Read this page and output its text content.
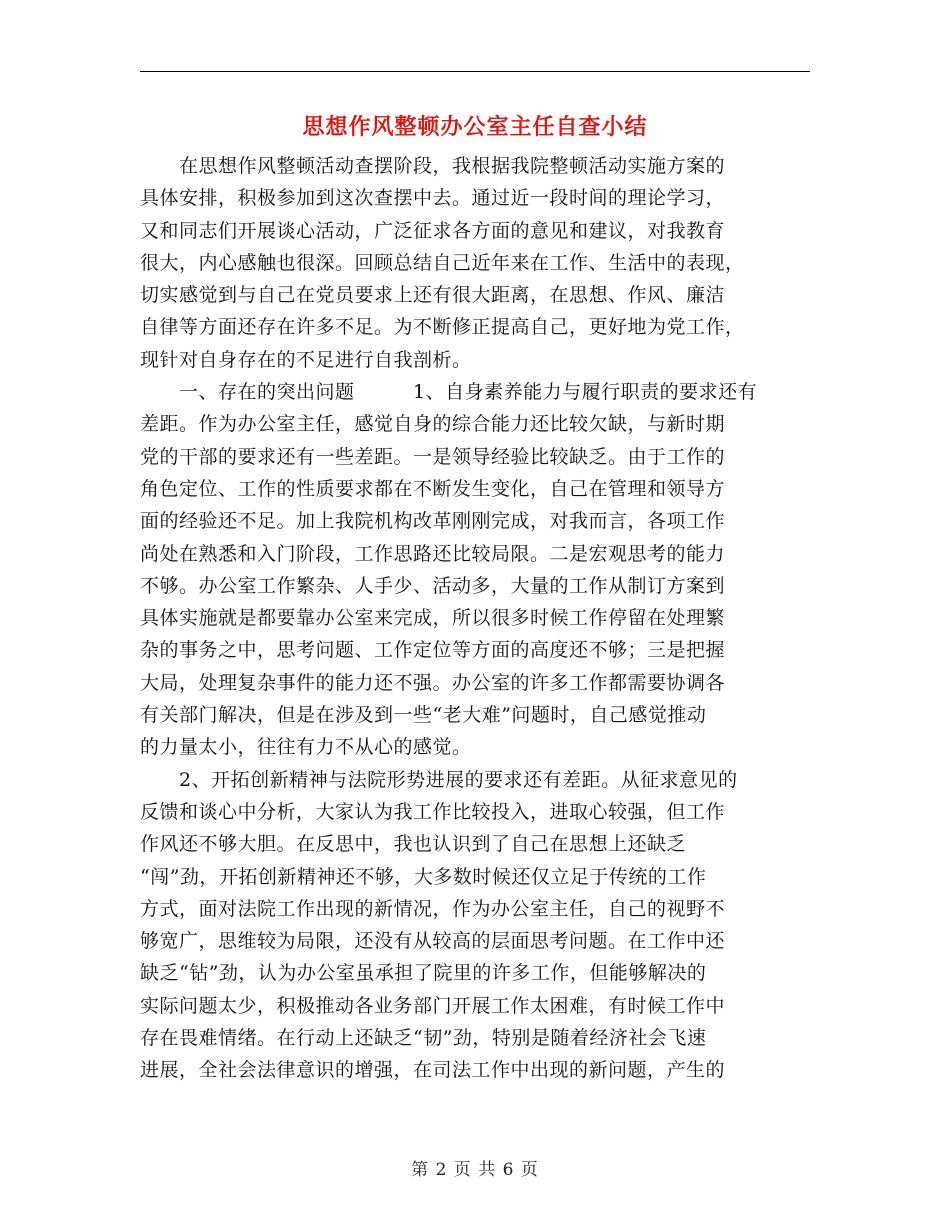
思想作风整顿办公室主任自查小结
　　在思想作风整顿活动查摆阶段，我根据我院整顿活动实施方案的
具体安排，积极参加到这次查摆中去。通过近一段时间的理论学习，
又和同志们开展谈心活动，广泛征求各方面的意见和建议，对我教育
很大，内心感触也很深。回顾总结自己近年来在工作、生活中的表现，
切实感觉到与自己在党员要求上还有很大距离，在思想、作风、廉洁
自律等方面还存在许多不足。为不断修正提高自己，更好地为党工作，
现针对自身存在的不足进行自我剖析。
　　一、存在的突出问题　　　1、自身素养能力与履行职责的要求还有
差距。作为办公室主任，感觉自身的综合能力还比较欠缺，与新时期
党的干部的要求还有一些差距。一是领导经验比较缺乏。由于工作的
角色定位、工作的性质要求都在不断发生变化，自己在管理和领导方
面的经验还不足。加上我院机构改革刚刚完成，对我而言，各项工作
尚处在熟悉和入门阶段，工作思路还比较局限。二是宏观思考的能力
不够。办公室工作繁杂、人手少、活动多，大量的工作从制订方案到
具体实施就是都要靠办公室来完成，所以很多时候工作停留在处理繁
杂的事务之中，思考问题、工作定位等方面的高度还不够；三是把握
大局，处理复杂事件的能力还不强。办公室的许多工作都需要协调各
有关部门解决，但是在涉及到一些“老大难”问题时，自己感觉推动
的力量太小，往往有力不从心的感觉。
　　2、开拓创新精神与法院形势进展的要求还有差距。从征求意见的
反馈和谈心中分析，大家认为我工作比较投入，进取心较强，但工作
作风还不够大胆。在反思中，我也认识到了自己在思想上还缺乏
“闯”劲，开拓创新精神还不够，大多数时候还仅立足于传统的工作
方式，面对法院工作出现的新情况，作为办公室主任，自己的视野不
够宽广，思维较为局限，还没有从较高的层面思考问题。在工作中还
缺乏“钻”劲，认为办公室虽承担了院里的许多工作，但能够解决的
实际问题太少，积极推动各业务部门开展工作太困难，有时候工作中
存在畏难情绪。在行动上还缺乏“韧”劲，特别是随着经济社会飞速
进展，全社会法律意识的增强，在司法工作中出现的新问题，产生的
第 2 页 共 6 页
